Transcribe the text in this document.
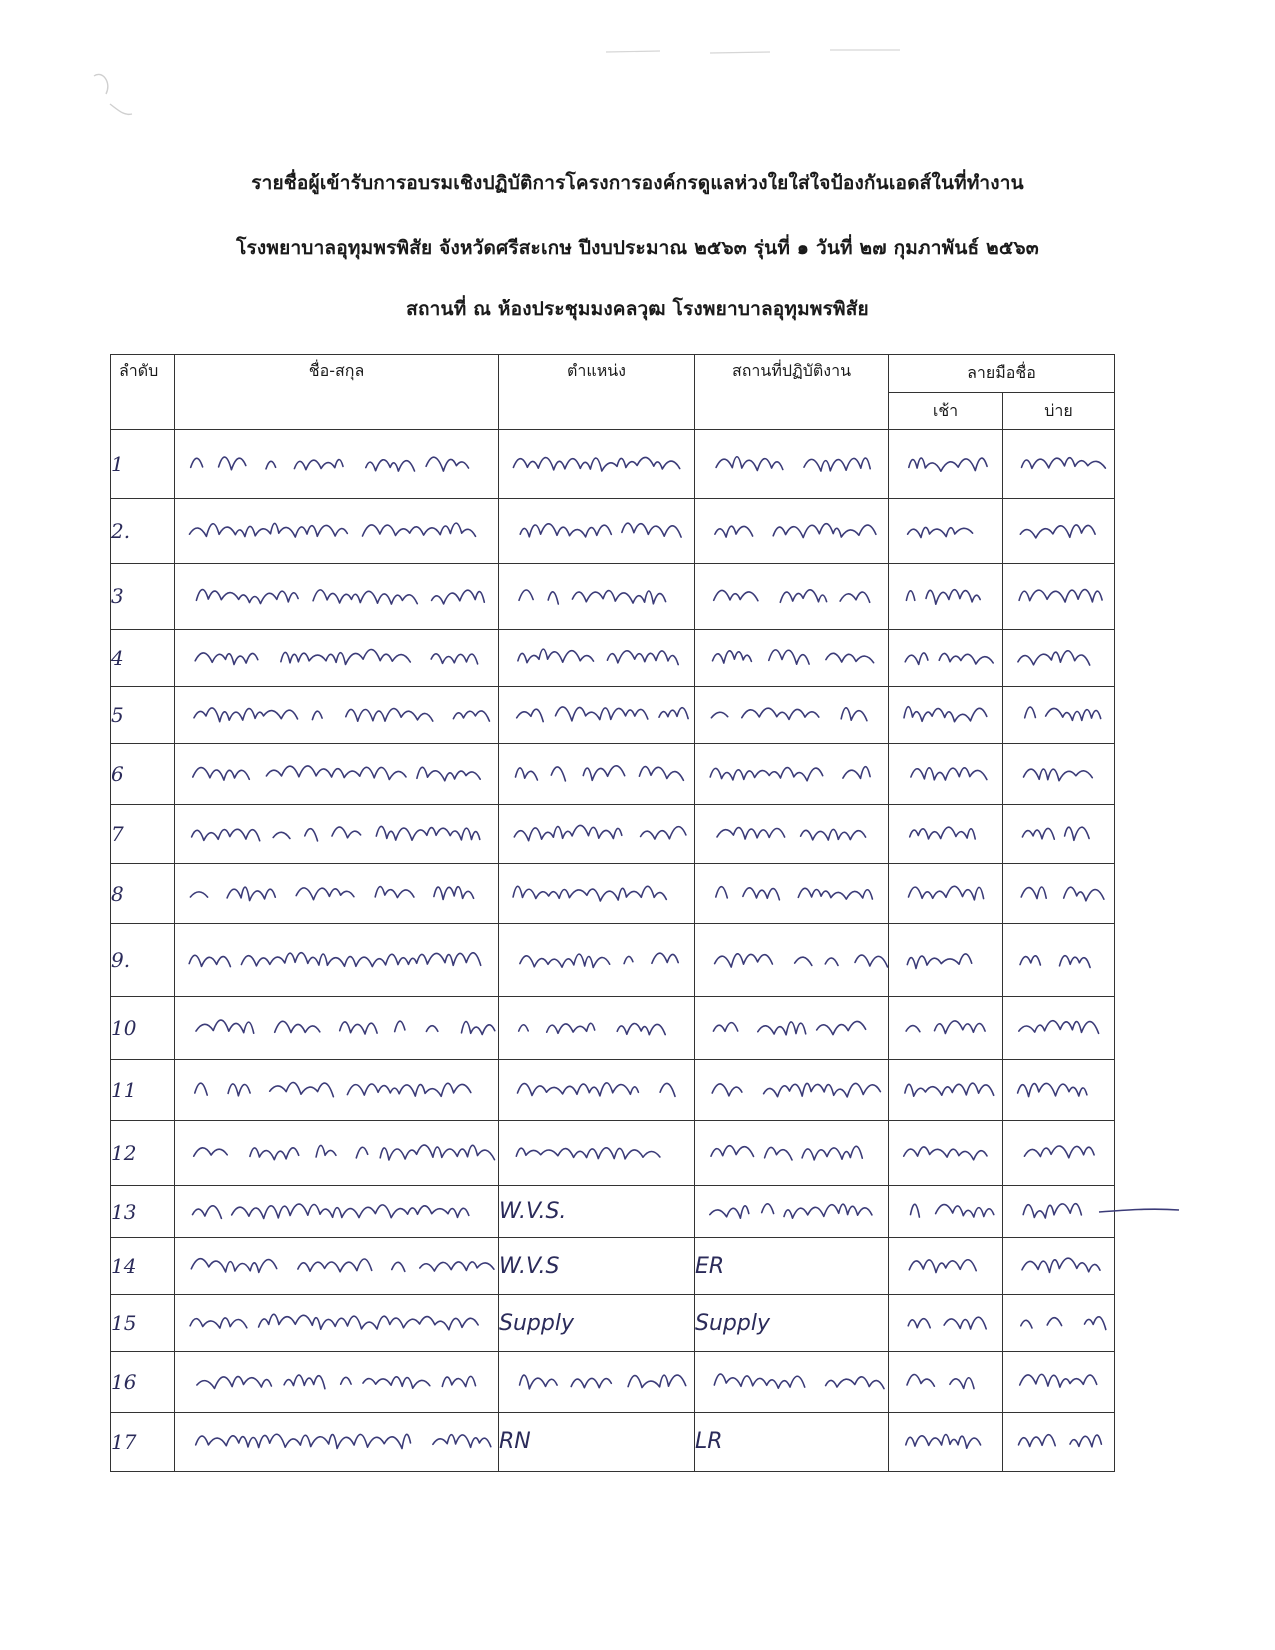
รายชื่อผู้เข้ารับการอบรมเชิงปฏิบัติการโครงการองค์กรดูแลห่วงใยใส่ใจป้องกันเอดส์ในที่ทำงาน
โรงพยาบาลอุทุมพรพิสัย จังหวัดศรีสะเกษ ปีงบประมาณ ๒๕๖๓ รุ่นที่ ๑ วันที่ ๒๗ กุมภาพันธ์ ๒๕๖๓
สถานที่ ณ ห้องประชุมมงคลวุฒ โรงพยาบาลอุทุมพรพิสัย
ลำดับ	ชื่อ-สกุล	ตำแหน่ง	สถานที่ปฏิบัติงาน	ลายมือชื่อ	
				เช้า	บ่าย
1	

2.	

3	

4	

5	

6	

7	

8	

9.	

10	

11	

12	

13		W.V.S.	

14		W.V.S	ER	

15		Supply	Supply	

16	

17		RN	LR	
